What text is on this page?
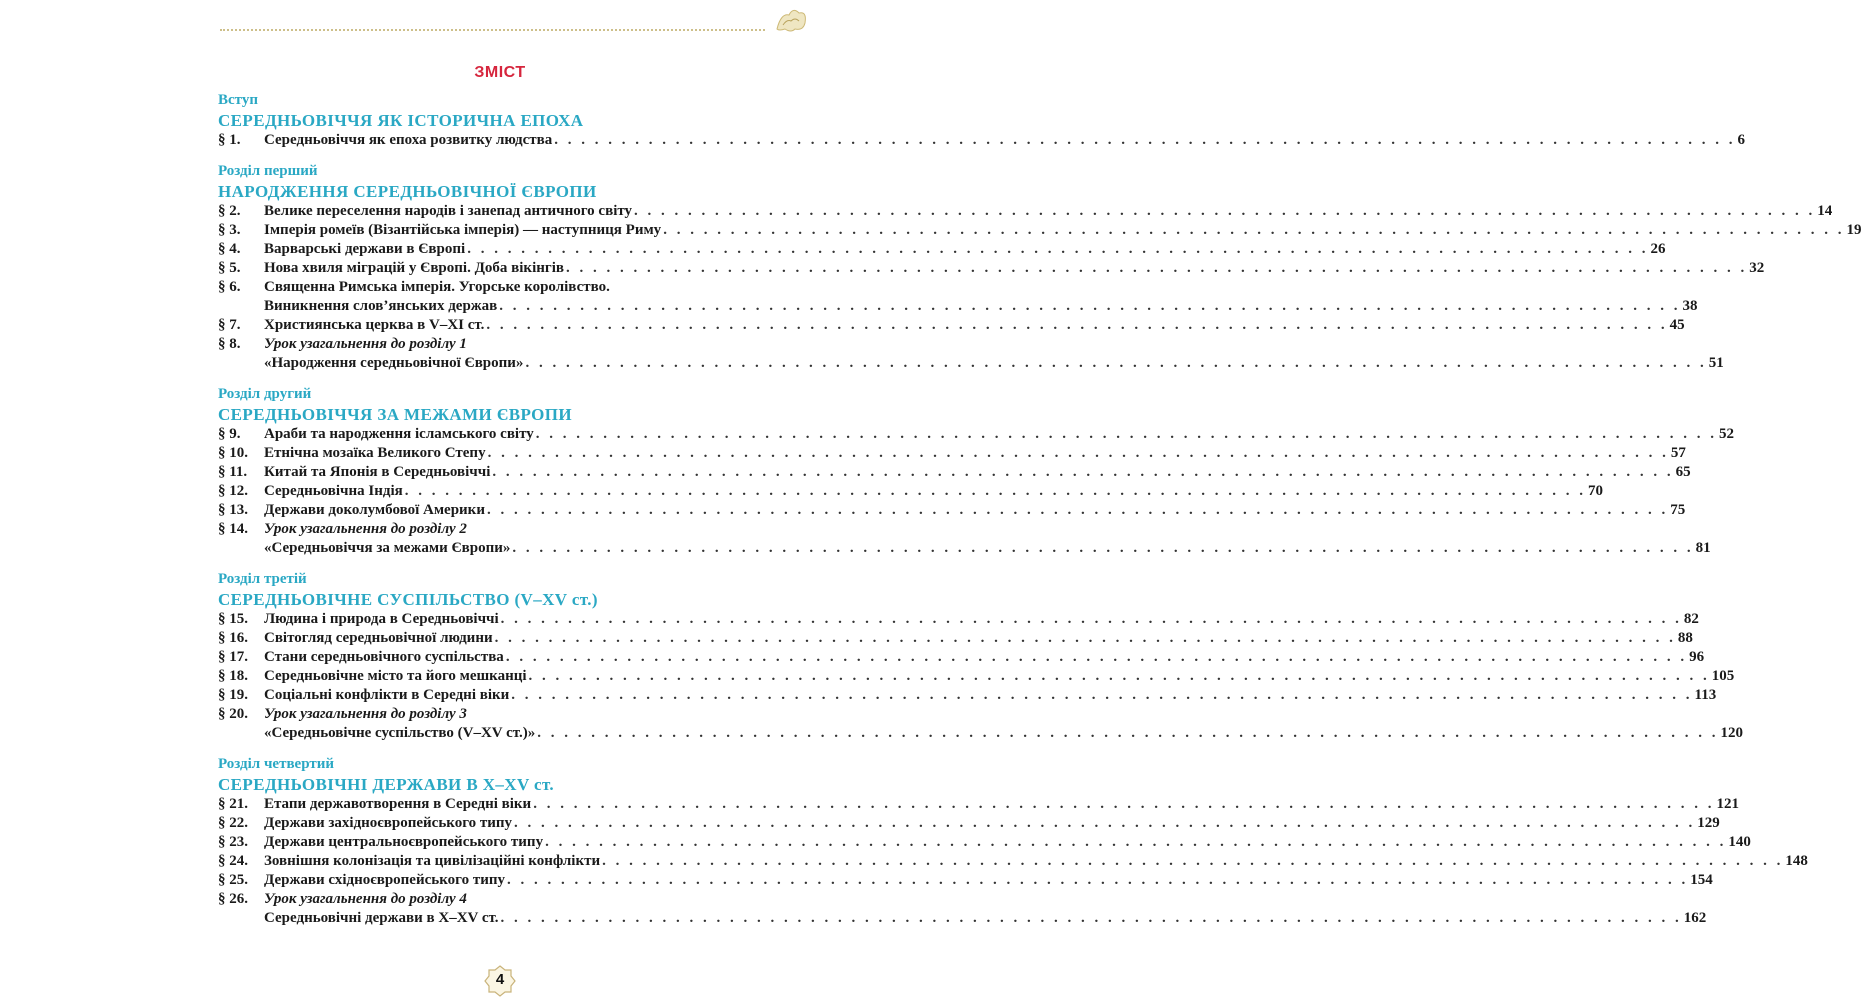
ЗМІСТ
Вступ
СЕРЕДНЬОВІЧЧЯ ЯК ІСТОРИЧНА ЕПОХА
§ 1.	Середньовіччя як епоха розвитку людства . . .	6
Розділ перший
НАРОДЖЕННЯ СЕРЕДНЬОВІЧНОЇ ЄВРОПИ
§ 2.	Велике переселення народів і занепад античного світу . . .	14
§ 3.	Імперія ромеїв (Візантійська імперія) — наступниця Риму . . .	19
§ 4.	Варварські держави в Європі . . .	26
§ 5.	Нова хвиля міграцій у Європі. Доба вікінгів . . .	32
§ 6.	Священна Римська імперія. Угорське королівство.
Виникнення слов’янських держав . . .	38
§ 7.	Християнська церква в V–XI ст. . . .	45
§ 8.	Урок узагальнення до розділу 1
«Народження середньовічної Європи» . . .	51
Розділ другий
СЕРЕДНЬОВІЧЧЯ ЗА МЕЖАМИ ЄВРОПИ
§ 9.	Араби та народження ісламського світу . . .	52
§ 10.	Етнічна мозаїка Великого Степу . . .	57
§ 11.	Китай та Японія в Середньовіччі . . .	65
§ 12.	Середньовічна Індія . . .	70
§ 13.	Держави доколумбової Америки . . .	75
§ 14.	Урок узагальнення до розділу 2
«Середньовіччя за межами Європи» . . .	81
Розділ третій
СЕРЕДНЬОВІЧНЕ СУСПІЛЬСТВО (V–XV ст.)
§ 15.	Людина і природа в Середньовіччі . . .	82
§ 16.	Світогляд середньовічної людини . . .	88
§ 17.	Стани середньовічного суспільства . . .	96
§ 18.	Середньовічне місто та його мешканці . . .	105
§ 19.	Соціальні конфлікти в Середні віки . . .	113
§ 20.	Урок узагальнення до розділу 3
«Середньовічне суспільство (V–XV ст.)» . . .	120
Розділ четвертий
СЕРЕДНЬОВІЧНІ ДЕРЖАВИ В X–XV ст.
§ 21.	Етапи державотворення в Середні віки . . .	121
§ 22.	Держави західноєвропейського типу . . .	129
§ 23.	Держави центральноєвропейського типу . . .	140
§ 24.	Зовнішня колонізація та цивілізаційні конфлікти . . .	148
§ 25.	Держави східноєвропейського типу . . .	154
§ 26.	Урок узагальнення до розділу 4
Середньовічні держави в X–XV ст. . . .	162
4
